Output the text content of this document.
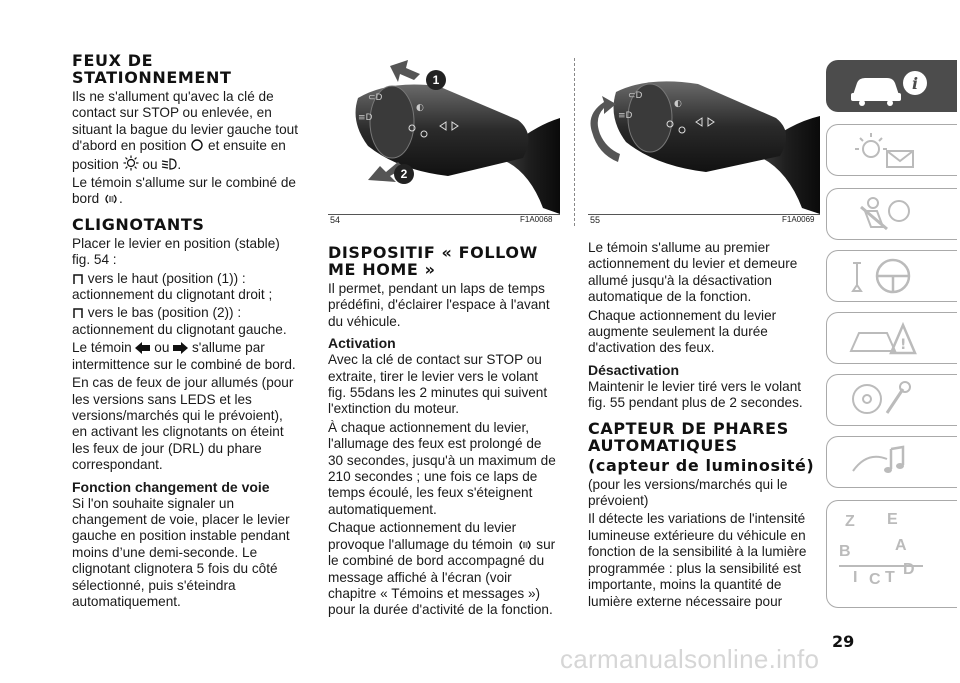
FEUX DE STATIONNEMENT

Ils ne s'allument qu'avec la clé de contact sur STOP ou enlevée, en situant la bague du levier gauche tout d'abord en position et ensuite en position ou .

Le témoin s'allume sur le combiné de bord .

CLIGNOTANTS

Placer le levier en position (stable) fig. 54 :

vers le haut (position (1)) : actionnement du clignotant droit ;

vers le bas (position (2)) : actionnement du clignotant gauche.

Le témoin ou s'allume par intermittence sur le combiné de bord.

En cas de feux de jour allumés (pour les versions sans LEDS et les versions/marchés qui le prévoient), en activant les clignotants on éteint les feux de jour (DRL) du phare correspondant.

Fonction changement de voie

Si l'on souhaite signaler un changement de voie, placer le levier gauche en position instable pendant moins d’une demi-seconde. Le clignotant clignotera 5 fois du côté sélectionné, puis s'éteindra automatiquement.

⊂D
≡D
◐
1
2
54	F1A0068
⊂D
≡D
◐
55	F1A0069
DISPOSITIF « FOLLOW ME HOME »

Il permet, pendant un laps de temps prédéfini, d'éclairer l'espace à l'avant du véhicule.

Activation

Avec la clé de contact sur STOP ou extraite, tirer le levier vers le volant fig. 55dans les 2 minutes qui suivent l'extinction du moteur.

À chaque actionnement du levier, l'allumage des feux est prolongé de 30 secondes, jusqu'à un maximum de 210 secondes ; une fois ce laps de temps écoulé, les feux s'éteignent automatiquement.

Chaque actionnement du levier provoque l'allumage du témoin sur le combiné de bord accompagné du message affiché à l'écran (voir chapitre « Témoins et messages ») pour la durée d'activité de la fonction.

Le témoin s'allume au premier actionnement du levier et demeure allumé jusqu'à la désactivation automatique de la fonction.

Chaque actionnement du levier augmente seulement la durée d'activation des feux.

Désactivation

Maintenir le levier tiré vers le volant fig. 55 pendant plus de 2 secondes.

CAPTEUR DE PHARES AUTOMATIQUES
(capteur de luminosité)

(pour les versions/marchés qui le prévoient)

Il détecte les variations de l'intensité lumineuse extérieure du véhicule en fonction de la sensibilité à la lumière programmée : plus la sensibilité est importante, moins la quantité de lumière externe nécessaire pour

i
!
Z E
B	A
I C T D
29
carmanualsonline.info
